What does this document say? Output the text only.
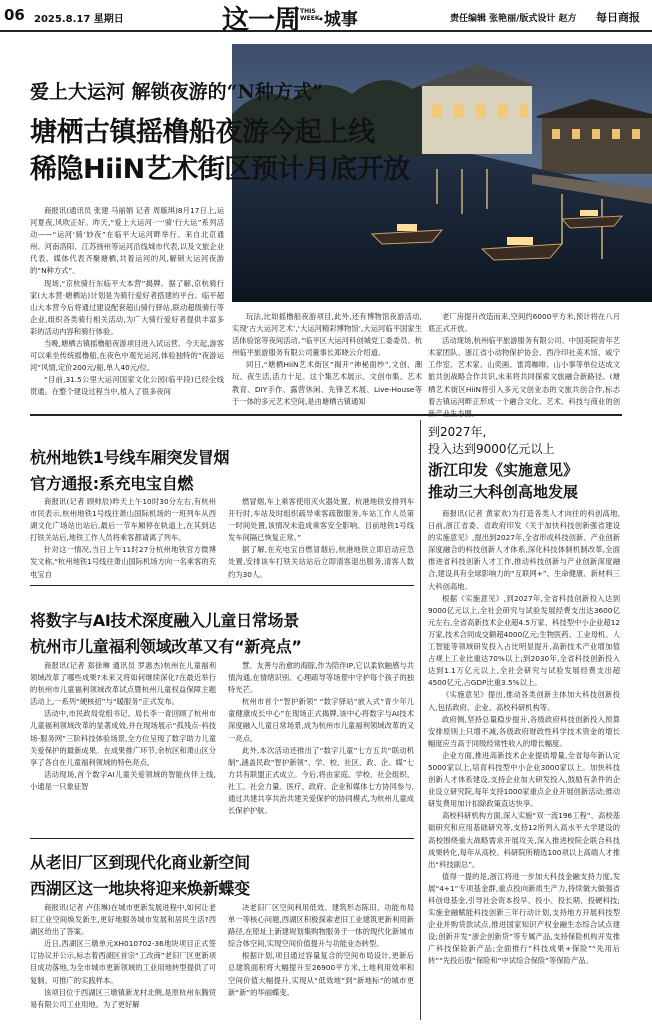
06 2025.8.17 星期日	这一周 THIS WEEK
·城事	责任编辑 张艳丽/版式设计 赵方 每日商报
爱上大运河 解锁夜游的“N种方式”
塘栖古镇摇橹船夜游今起上线
稀隐HiiN艺术街区预计月底开放

商报讯(通讯员 张建 马丽娟 记者 周璇琪)8月17日上,运河夏夜,风吹正好。昨天,“爱上大运河·一‘骑’行大运”系列活动——“运河‘骑’妙夜”在临平大运河畔举行。来自北京通州、河南洛阳、江苏扬州等运河沿线城市代表,以及文旅企业代表、媒体代表齐聚塘栖,共着运河的风,解锁大运河夜游的“N种方式”。

现场,“京杭骑行东临平大本营”揭牌。据了解,京杭骑行家(大本营·塘栖站)计划是为骑行爱好者搭建的平台。临平超山大本营今后将通过建设配套超山骑行驿站,联动超级骑行等企业,组织各类骑行相关活动,为广大骑行爱好者提供丰富多彩的活动内容和骑行体验。

当晚,塘栖古镇摇橹船夜游项目进入试运营。今天起,游客可以乘坐传统摇橹船,在夜色中观光运河,体验独特的“夜游运河”风情,定价200元/船,单人40元/位。

“目前,31.5公里大运河国家文化公园(临平段)已经全线贯通。在整个建设过程当中,植入了很多夜间

玩法,比如摇橹船夜游项目,此外,还有博物馆夜游活动,实现‘古大运河艺术’,‘大运河精彩博物馆’,大运河临平国家生活体验馆等夜间活动。”临平区大运河科创城党工委委员、杭州临平旅游服务有限公司董事长郑晓云介绍道。

同日,“塘栖HiiN艺术街区”揭开“神秘面纱”,文创、潮玩、夜生活,活力十足。这个集艺术展示、文创市集、艺术教育、DIY手作、露营休闲、先锋艺术展、Live-House等于一体的多元艺术空间,是由塘栖古镇通知

老厂房提升改造而来,空间约6000平方米,预计将在八月底正式开放。

活动现场,杭州临平旅游服务有限公司、中国美院青年艺术家团队、浙江省小动物保护协会、西泠印社美术馆、咸宁工作室、艺术家、山奕画、雷湾咖啡、山小事等单位达成文旅共创战略合作共识,未来将共同探索文旅融合新路径。(塘栖艺术街区HiiN将引入多元文创业态的文旅共创合作,标志着古镇运河畔正形成一个融合文化、艺术、科技与商业的创

杭州地铁1号线车厢突发冒烟
官方通报:系充电宝自燃

商报讯(记者 顾帅辰)昨天上午10时30分左右,有杭州市民表示,杭州地铁1号线往萧山国际机场的一班列车从西湖文化广场站出站后,最后一节车厢停在轨道上,在其到达打铁关站后,地铁工作人员将乘客都请离了列车。

针对这一情况,当日上午11时27分杭州地铁官方微博发文称,“杭州地铁1号线往萧山国际机场方向一名乘客的充电宝自

燃冒烟,车上乘客使用灭火器处置。杭港地铁安排列车开行时,车站及时组织疏导乘客疏散服务,车站工作人员第一时间处置,该情况未造成乘客安全影响。目前地铁1号线发车间隔已恢复正常。”

据了解,在充电宝自燃冒烟后,杭港地铁立即启动应急处置,安排该车打铁关站站后立即清客退出服务,清客人数约为30人。

将数字与AI技术深度融入儿童日常场景
杭州市儿童福利领域改革又有“新亮点”

商报讯(记者 郑徐琳 通讯员 罗惠杰)杭州在儿童福利领域改革了哪些成果?未来又将如何继续深化?在最近举行的杭州市儿童福利领域改革试点暨杭州儿童权益保障主题活动上,一系列“硬核招”与“暖服务”正式发布。

活动中,市民政局党组书记、局长李一青回顾了杭州市儿童福利领域改革的显著成效,并在现场展示“孤残点-科技场-服务网”三阶科技体验场景,全方位呈现了数字助力儿童关爱保护的最新成果。在成果推广环节,余杭区和萧山区分享了各自在儿童福利领域的特色亮点。

活动现场,首个数字AI儿童关爱领域的智能伙伴上线,小通是一只象征智

慧、友善与治愈的海豚,作为陪伴IP,它以柔软触感与共情沟通,在情绪识别、心理疏导等场景中守护每个孩子的独特光芒。

杭州市首个“智护新领” “数字驿站”嵌入式“青少年儿童健康成长中心”在现场正式揭牌,该中心将数字与AI技术深度融入儿童日常场景,成为杭州市儿童福利领域改革的又一亮点。

此外,本次活动还推出了“数字儿童”七方五共“联动机制”,涵盖民政“智护新领”、学、校、社区、政、企、媒”七方共有联盟正式成立。今后,将由家庭、学校、社会组织、社工、社会力量、医疗、政府、企业和媒体七方协同参与,通过共建共享共治共建关爱保护的协同模式,为杭州儿童成长保护护航。

从老旧厂区到现代化商业新空间
西湖区这一地块将迎来焕新蝶变

商报讯(记者 卢佳琳)在城市更新发展进程中,如何让老旧工业空间焕发新生,更好地服务城市发展和居民生活?西湖区给出了答案。

近日,西湖区三墩单元XH010702-36地块项目正式签订协议并公示,标志着西湖区首宗“工改商”老旧厂区更新项目成功落地,为全市城市更新领域的工业用地转型提供了可复制、可推广的实践样本。

该项目位于西湖区三墩镇新龙村北侧,是原杭州东腾贸易有限公司工业用地。为了更好解

决老旧厂区空间利用低效、建筑形态陈旧、功能布局单一等核心问题,西湖区积极探索老旧工业建筑更新利用新路径,在原址上新建规划集购物服务于一体的现代化新城市综合体空间,实现空间价值提升与功能业态转型。

根据计划,项目通过容量复合的空间布局设计,更新后总建筑面积将大幅提升至26900平方米,土地利用效率和空间价值大幅提升,实现从“低效地”到“新地标”的城市更新“新”的华丽蝶变。

到2027年,
投入达到9000亿元以上
浙江印发《实施意见》
推动三大科创高地发展

商报讯(记者 黄家欢)为打造各类人才向往的科创高地,日前,浙江省委、省政府印发《关于加快科技创新强省建设的实施意见》,提出到2027年,全省形成科技创新、产业创新深度融合的科技创新人才体系,深化科技体制机制改革,全面推进省科技创新人才工作,推动科技创新与产业创新深度融合,建设具有全球影响力的“互联网+”、生命健康、新材料三大科创高地。

根据《实施意见》,到2027年,全省科技创新投入达到9000亿元以上,全社会研究与试验发展经费支出达3600亿元左右,全省高新技术企业超4.5万家、科技型中小企业超12万家,技术合同成交额超4000亿元;生物医药、工业母机、人工智能等领域研发投入占比明显提升,高新技术产业增加值占规上工业比重达70%以上;到2030年,全省科技创新投入达到1.1万亿元以上,全社会研究与试验发展经费支出超4500亿元,占GDP比重3.5%以上。

《实施意见》提出,推动各类创新主体加大科技创新投入,包括政府、企业、高校科研机构等。

政府侧,坚持总量稳步提升,各级政府科技创新投入预算安排原则上只增不减,各级政府财政性科学技术资金的增长幅度应当高于同级经常性收入的增长幅度。

企业方面,推进高新技术企业提质增量,全省每年新认定5000家以上,培育科技型中小企业3000家以上。加快科技创新人才体系建设,支持企业加大研发投入,鼓励有条件的企业设立研究院,每年支持1000家重点企业开展创新活动;推动研发费用加计扣除政策直达快享。

高校科研机构方面,深入实施“双一流196工程”、高校基础研究和应用基础研究等,支持12所列入高水平大学建设的高校围绕重大战略需求开展攻关,深入推进校院企联合科技成果转化,每年从高校、科研院所精选100项以上高端人才推出“科技副总”。

值得一提的是,浙江将进一步加大科技金融支持力度,发展“4+1”专项基金群,重点投向新质生产力,持续做大做强省科创母基金,引导社会资本投早、投小、投长期、投硬科技;实施金融赋能科技创新三年行动计划,支持地方开展科技型企业并购贷款试点,推进国家知识产权金融生态综合试点建设;创新开发“浙企创新贷”等专属产品,支持保险机构开发推广科技保险新产品;全面推行“科技成果+保险”“先用后转”“先投后股”保险和“中试综合保险”等保险产品。
